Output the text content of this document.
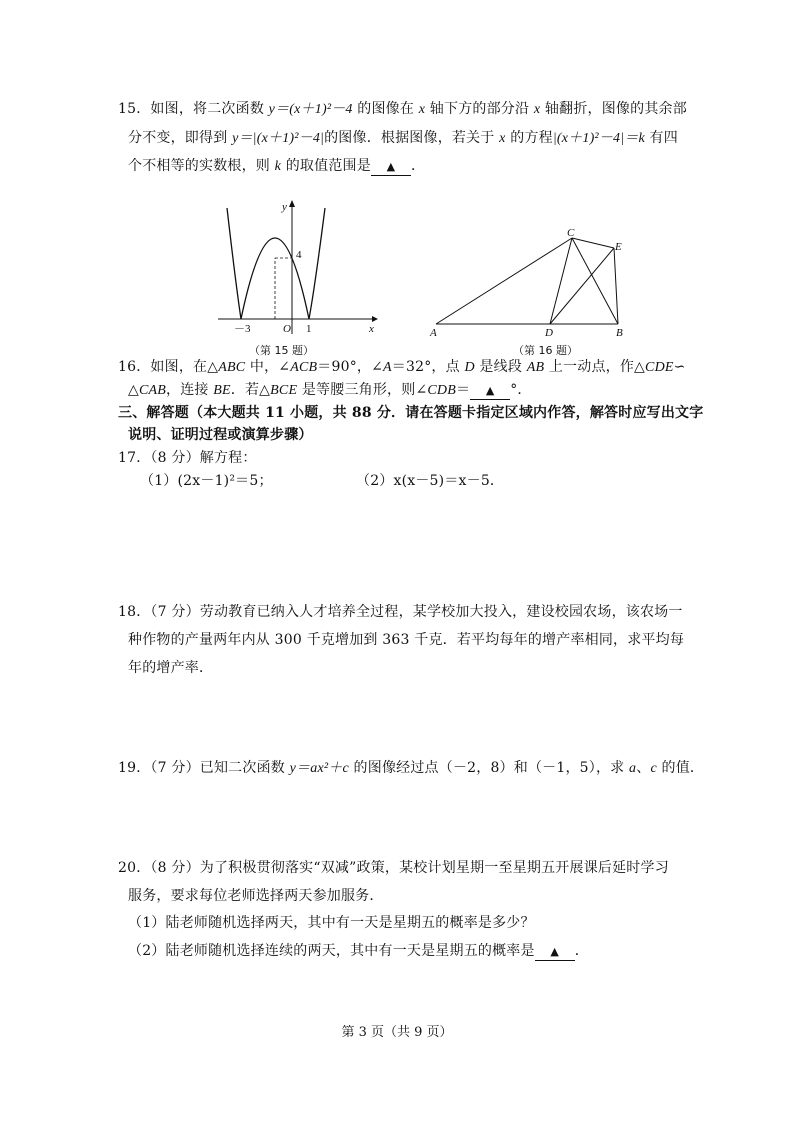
15．如图，将二次函数 y＝(x＋1)²－4 的图像在 x 轴下方的部分沿 x 轴翻折，图像的其余部
分不变，即得到 y＝|(x＋1)²－4|的图像．根据图像，若关于 x 的方程|(x＋1)²－4|＝k 有四
个不相等的实数根，则 k 的取值范围是 ▲ ．
y
x
O
－3	1
4
（第 15 题）
A	B
C
D
E
（第 16 题）
16．如图，在△ABC 中，∠ACB＝90°，∠A＝32°，点 D 是线段 AB 上一动点，作△CDE∽
△CAB，连接 BE．若△BCE 是等腰三角形，则∠CDB＝ ▲ °．
三、解答题（本大题共 11 小题，共 88 分．请在答题卡指定区域内作答，解答时应写出文字
说明、证明过程或演算步骤）
17．（8 分）解方程：
（1）(2x－1)²＝5；	（2）x(x－5)＝x－5．
18．（7 分）劳动教育已纳入人才培养全过程，某学校加大投入，建设校园农场，该农场一
种作物的产量两年内从 300 千克增加到 363 千克．若平均每年的增产率相同，求平均每
年的增产率．
19．（7 分）已知二次函数 y＝ax²＋c 的图像经过点（－2，8）和（－1，5），求 a、c 的值．
20．（8 分）为了积极贯彻落实“双减”政策，某校计划星期一至星期五开展课后延时学习
服务，要求每位老师选择两天参加服务．
（1）陆老师随机选择两天，其中有一天是星期五的概率是多少？
（2）陆老师随机选择连续的两天，其中有一天是星期五的概率是 ▲ ．
第 3 页（共 9 页）
